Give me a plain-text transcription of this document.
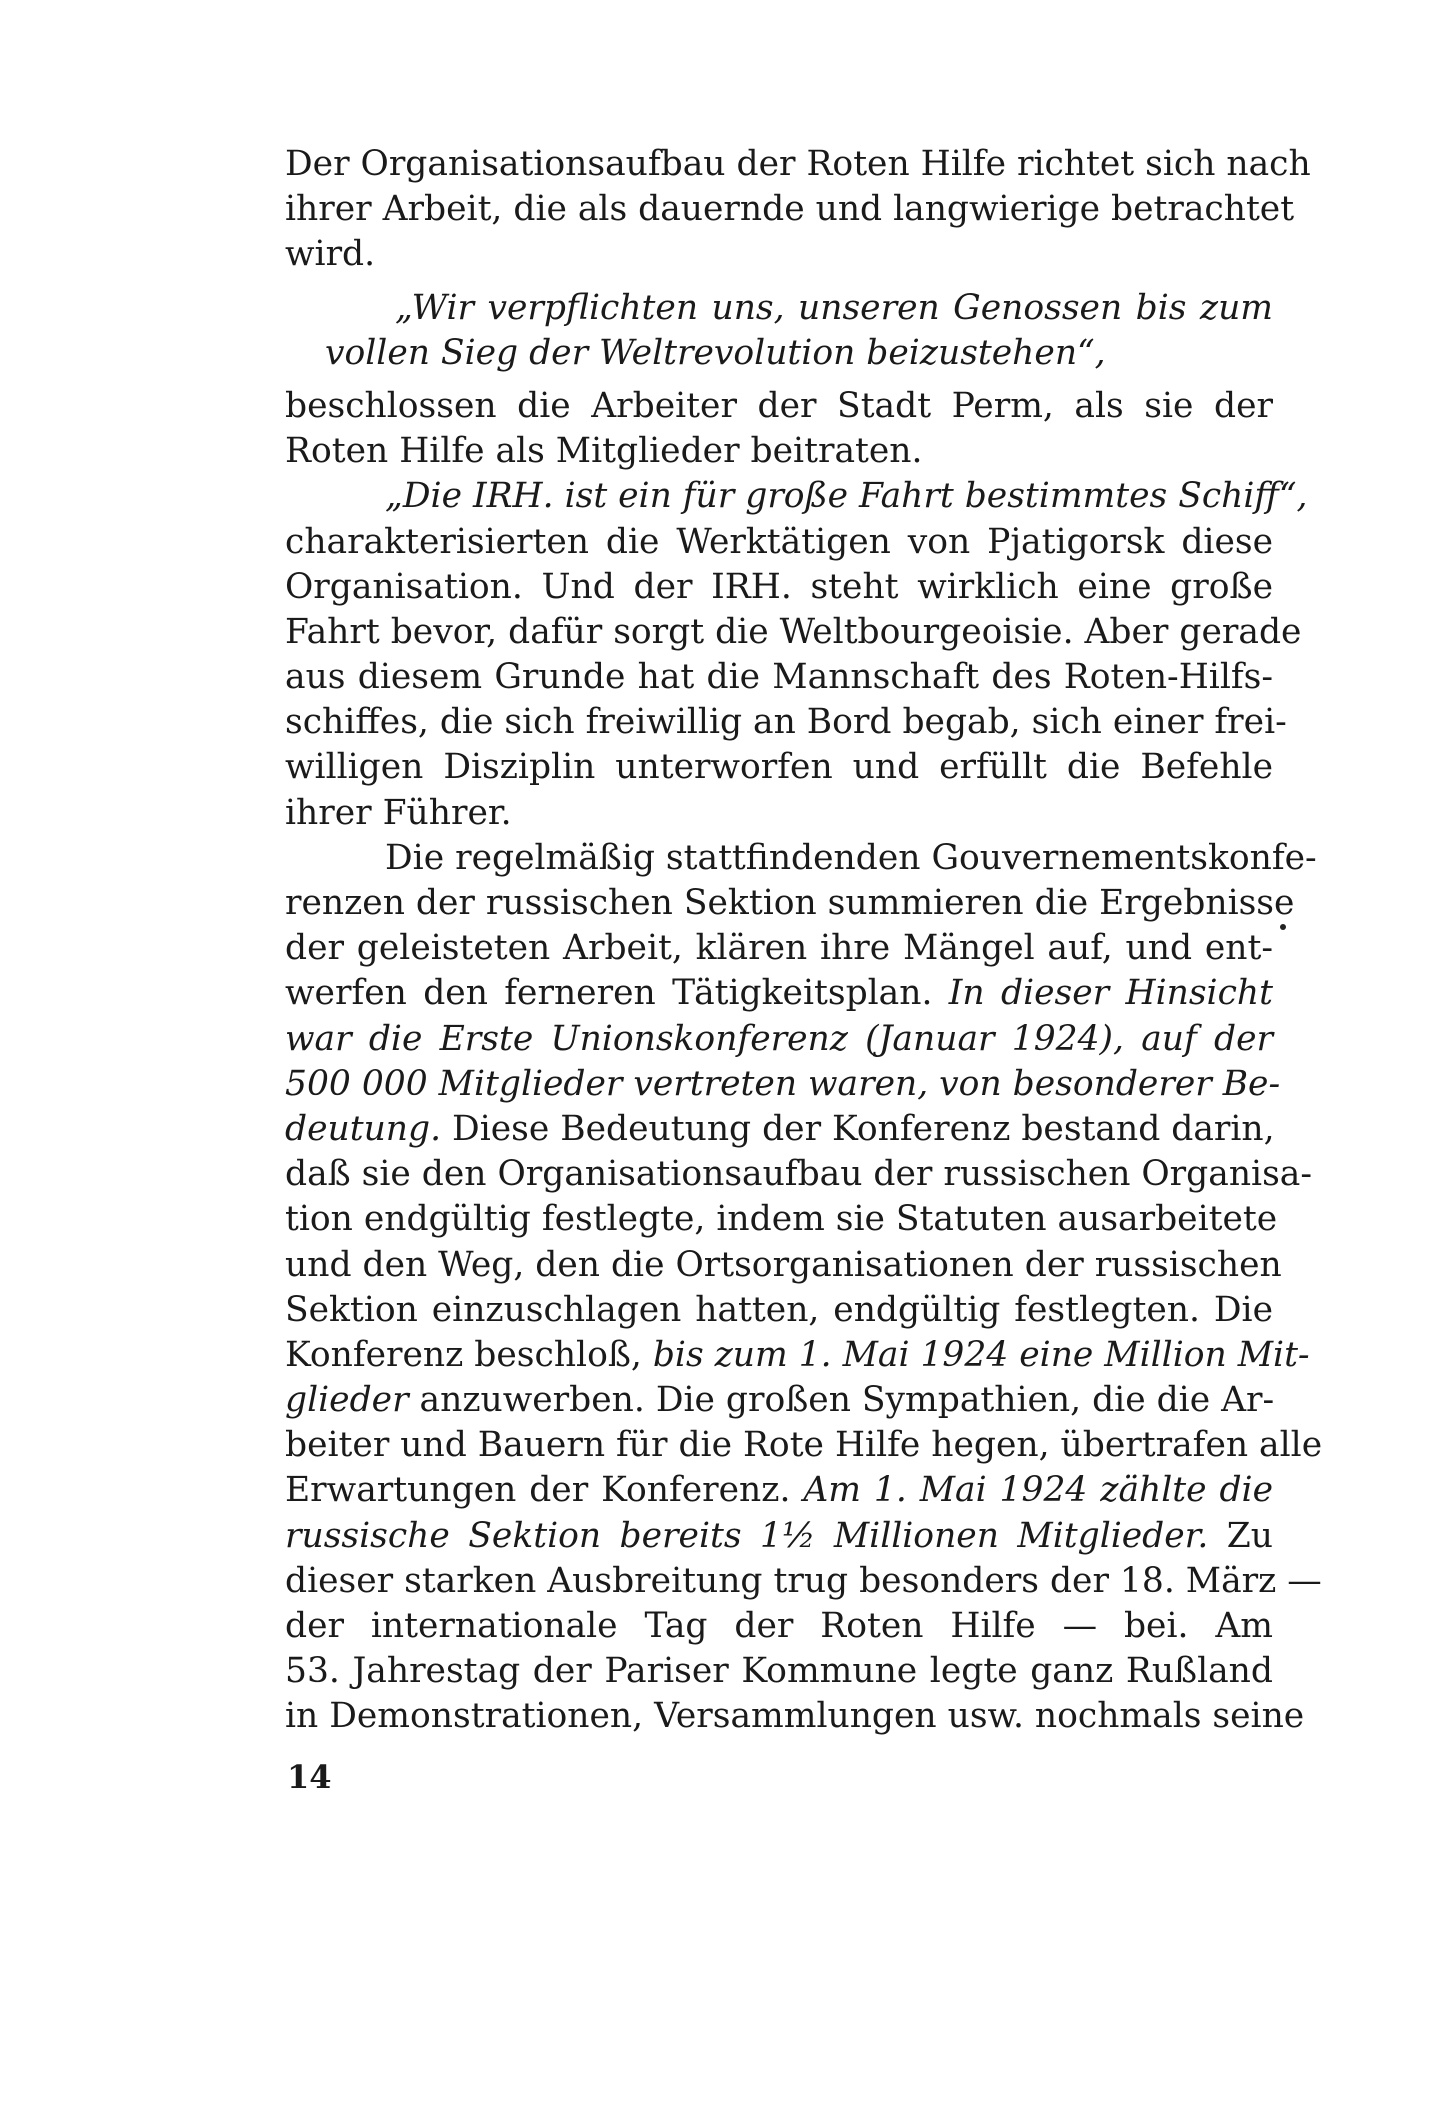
Der Organisationsaufbau der Roten Hilfe richtet sich nach
ihrer Arbeit, die als dauernde und langwierige betrachtet
wird.
„Wir verpflichten uns, unseren Genossen bis zum
vollen Sieg der Weltrevolution beizustehen“,
beschlossen die Arbeiter der Stadt Perm, als sie der
Roten Hilfe als Mitglieder beitraten.
„Die IRH. ist ein für große Fahrt bestimmtes Schiff“,
charakterisierten die Werktätigen von Pjatigorsk diese
Organisation. Und der IRH. steht wirklich eine große
Fahrt bevor, dafür sorgt die Weltbourgeoisie. Aber gerade
aus diesem Grunde hat die Mannschaft des Roten-Hilfs-
schiffes, die sich freiwillig an Bord begab, sich einer frei-
willigen Disziplin unterworfen und erfüllt die Befehle
ihrer Führer.
Die regelmäßig stattfindenden Gouvernementskonfe-
renzen der russischen Sektion summieren die Ergebnisse
der geleisteten Arbeit, klären ihre Mängel auf, und ent-
werfen den ferneren Tätigkeitsplan. In dieser Hinsicht
war die Erste Unionskonferenz (Januar 1924), auf der
500 000 Mitglieder vertreten waren, von besonderer Be-
deutung. Diese Bedeutung der Konferenz bestand darin,
daß sie den Organisationsaufbau der russischen Organisa-
tion endgültig festlegte, indem sie Statuten ausarbeitete
und den Weg, den die Ortsorganisationen der russischen
Sektion einzuschlagen hatten, endgültig festlegten. Die
Konferenz beschloß, bis zum 1. Mai 1924 eine Million Mit-
glieder anzuwerben. Die großen Sympathien, die die Ar-
beiter und Bauern für die Rote Hilfe hegen, übertrafen alle
Erwartungen der Konferenz. Am 1. Mai 1924 zählte die
russische Sektion bereits 1½ Millionen Mitglieder. Zu
dieser starken Ausbreitung trug besonders der 18. März —
der internationale Tag der Roten Hilfe — bei. Am
53. Jahrestag der Pariser Kommune legte ganz Rußland
in Demonstrationen, Versammlungen usw. nochmals seine
14
